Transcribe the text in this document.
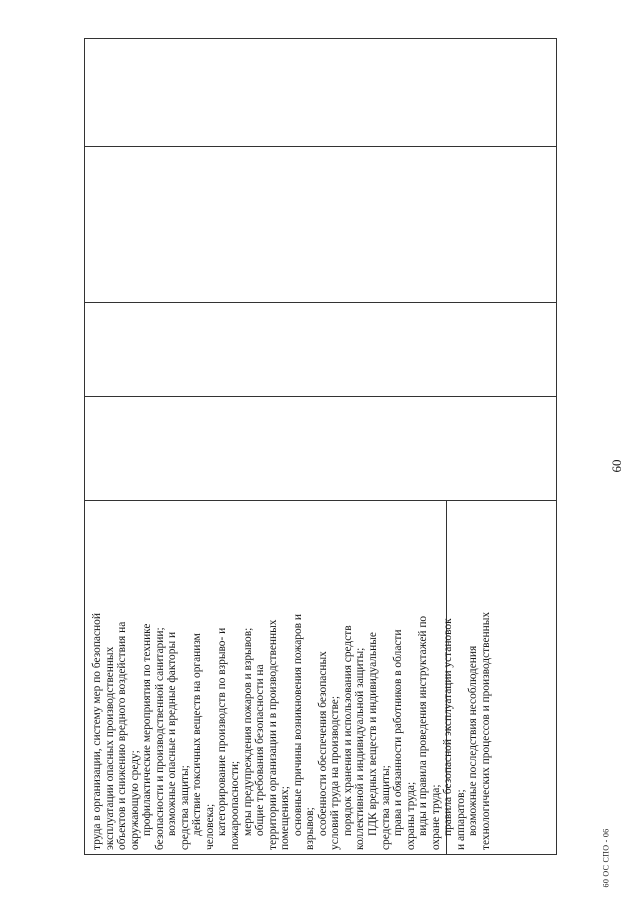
60
труда в организации, систему мер по безопасной эксплуатации опасных производственных объектов и снижению вредного воздействия на окружающую среду; профилактические мероприятия по технике безопасности и производственной санитарии; возможные опасные и вредные факторы и средства защиты; действие токсичных веществ на организм человека; категорирование производств по взрыво- и пожароопасности; меры предупреждения пожаров и взрывов; общие требования безопасности на территории организации и в производственных помещениях; основные причины возникновения пожаров и взрывов; особенности обеспечения безопасных условий труда на производстве; порядок хранения и использования средств коллективной и индивидуальной защиты; ПДК вредных веществ и индивидуальные средства защиты; права и обязанности работников в области охраны труда; виды и правила проведения инструктажей по охране труда; правила безопасной эксплуатации установок и аппаратов; возможные последствия несоблюдения технологических процессов и производственных
60 ОС СПО - 06
